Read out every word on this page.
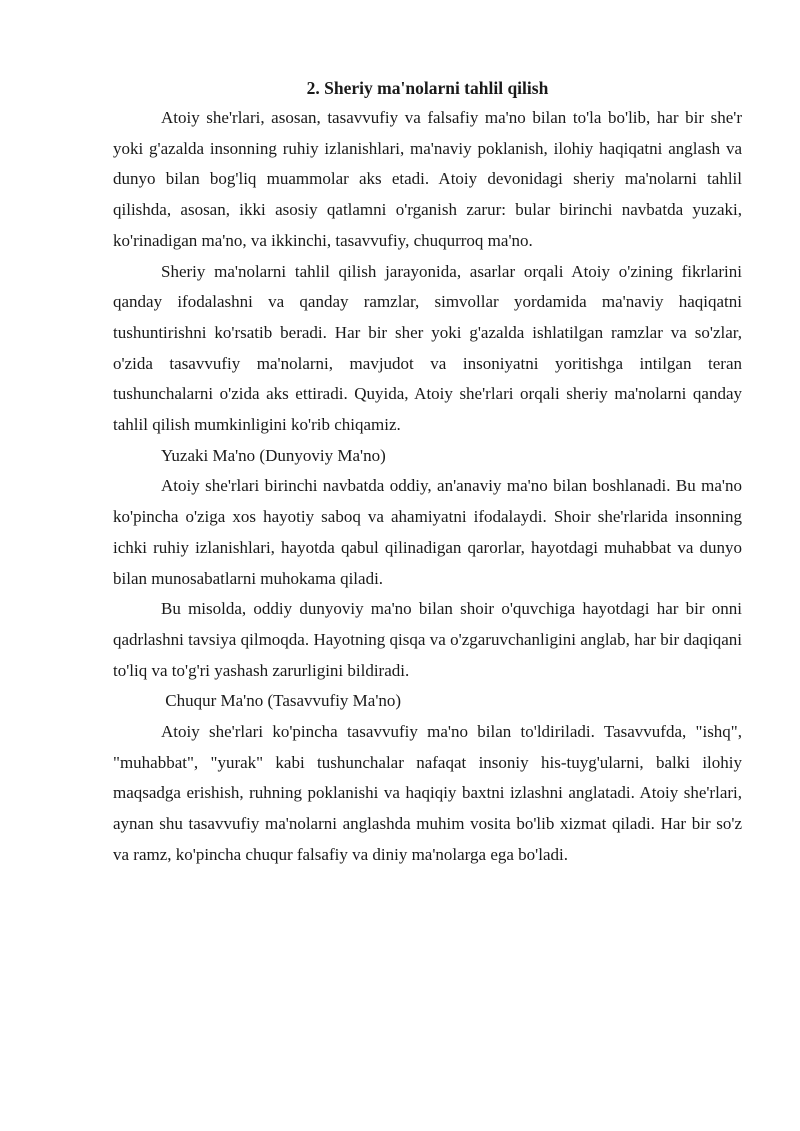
2. Sheriy ma'nolarni tahlil qilish

Atoiy she'rlari, asosan, tasavvufiy va falsafiy ma'no bilan to'la bo'lib, har bir she'r yoki g'azalda insonning ruhiy izlanishlari, ma'naviy poklanish, ilohiy haqiqatni anglash va dunyo bilan bog'liq muammolar aks etadi. Atoiy devonidagi sheriy ma'nolarni tahlil qilishda, asosan, ikki asosiy qatlamni o'rganish zarur: bular birinchi navbatda yuzaki, ko'rinadigan ma'no, va ikkinchi, tasavvufiy, chuqurroq ma'no.

Sheriy ma'nolarni tahlil qilish jarayonida, asarlar orqali Atoiy o'zining fikrlarini qanday ifodalashni va qanday ramzlar, simvollar yordamida ma'naviy haqiqatni tushuntirishni ko'rsatib beradi. Har bir sher yoki g'azalda ishlatilgan ramzlar va so'zlar, o'zida tasavvufiy ma'nolarni, mavjudot va insoniyatni yoritishga intilgan teran tushunchalarni o'zida aks ettiradi. Quyida, Atoiy she'rlari orqali sheriy ma'nolarni qanday tahlil qilish mumkinligini ko'rib chiqamiz.

Yuzaki Ma'no (Dunyoviy Ma'no)

Atoiy she'rlari birinchi navbatda oddiy, an'anaviy ma'no bilan boshlanadi. Bu ma'no ko'pincha o'ziga xos hayotiy saboq va ahamiyatni ifodalaydi. Shoir she'rlarida insonning ichki ruhiy izlanishlari, hayotda qabul qilinadigan qarorlar, hayotdagi muhabbat va dunyo bilan munosabatlarni muhokama qiladi.

Bu misolda, oddiy dunyoviy ma'no bilan shoir o'quvchiga hayotdagi har bir onni qadrlashni tavsiya qilmoqda. Hayotning qisqa va o'zgaruvchanligini anglab, har bir daqiqani to'liq va to'g'ri yashash zarurligini bildiradi.

Chuqur Ma'no (Tasavvufiy Ma'no)

Atoiy she'rlari ko'pincha tasavvufiy ma'no bilan to'ldiriladi. Tasavvufda, "ishq", "muhabbat", "yurak" kabi tushunchalar nafaqat insoniy his-tuyg'ularni, balki ilohiy maqsadga erishish, ruhning poklanishi va haqiqiy baxtni izlashni anglatadi. Atoiy she'rlari, aynan shu tasavvufiy ma'nolarni anglashda muhim vosita bo'lib xizmat qiladi. Har bir so'z va ramz, ko'pincha chuqur falsafiy va diniy ma'nolarga ega bo'ladi.
